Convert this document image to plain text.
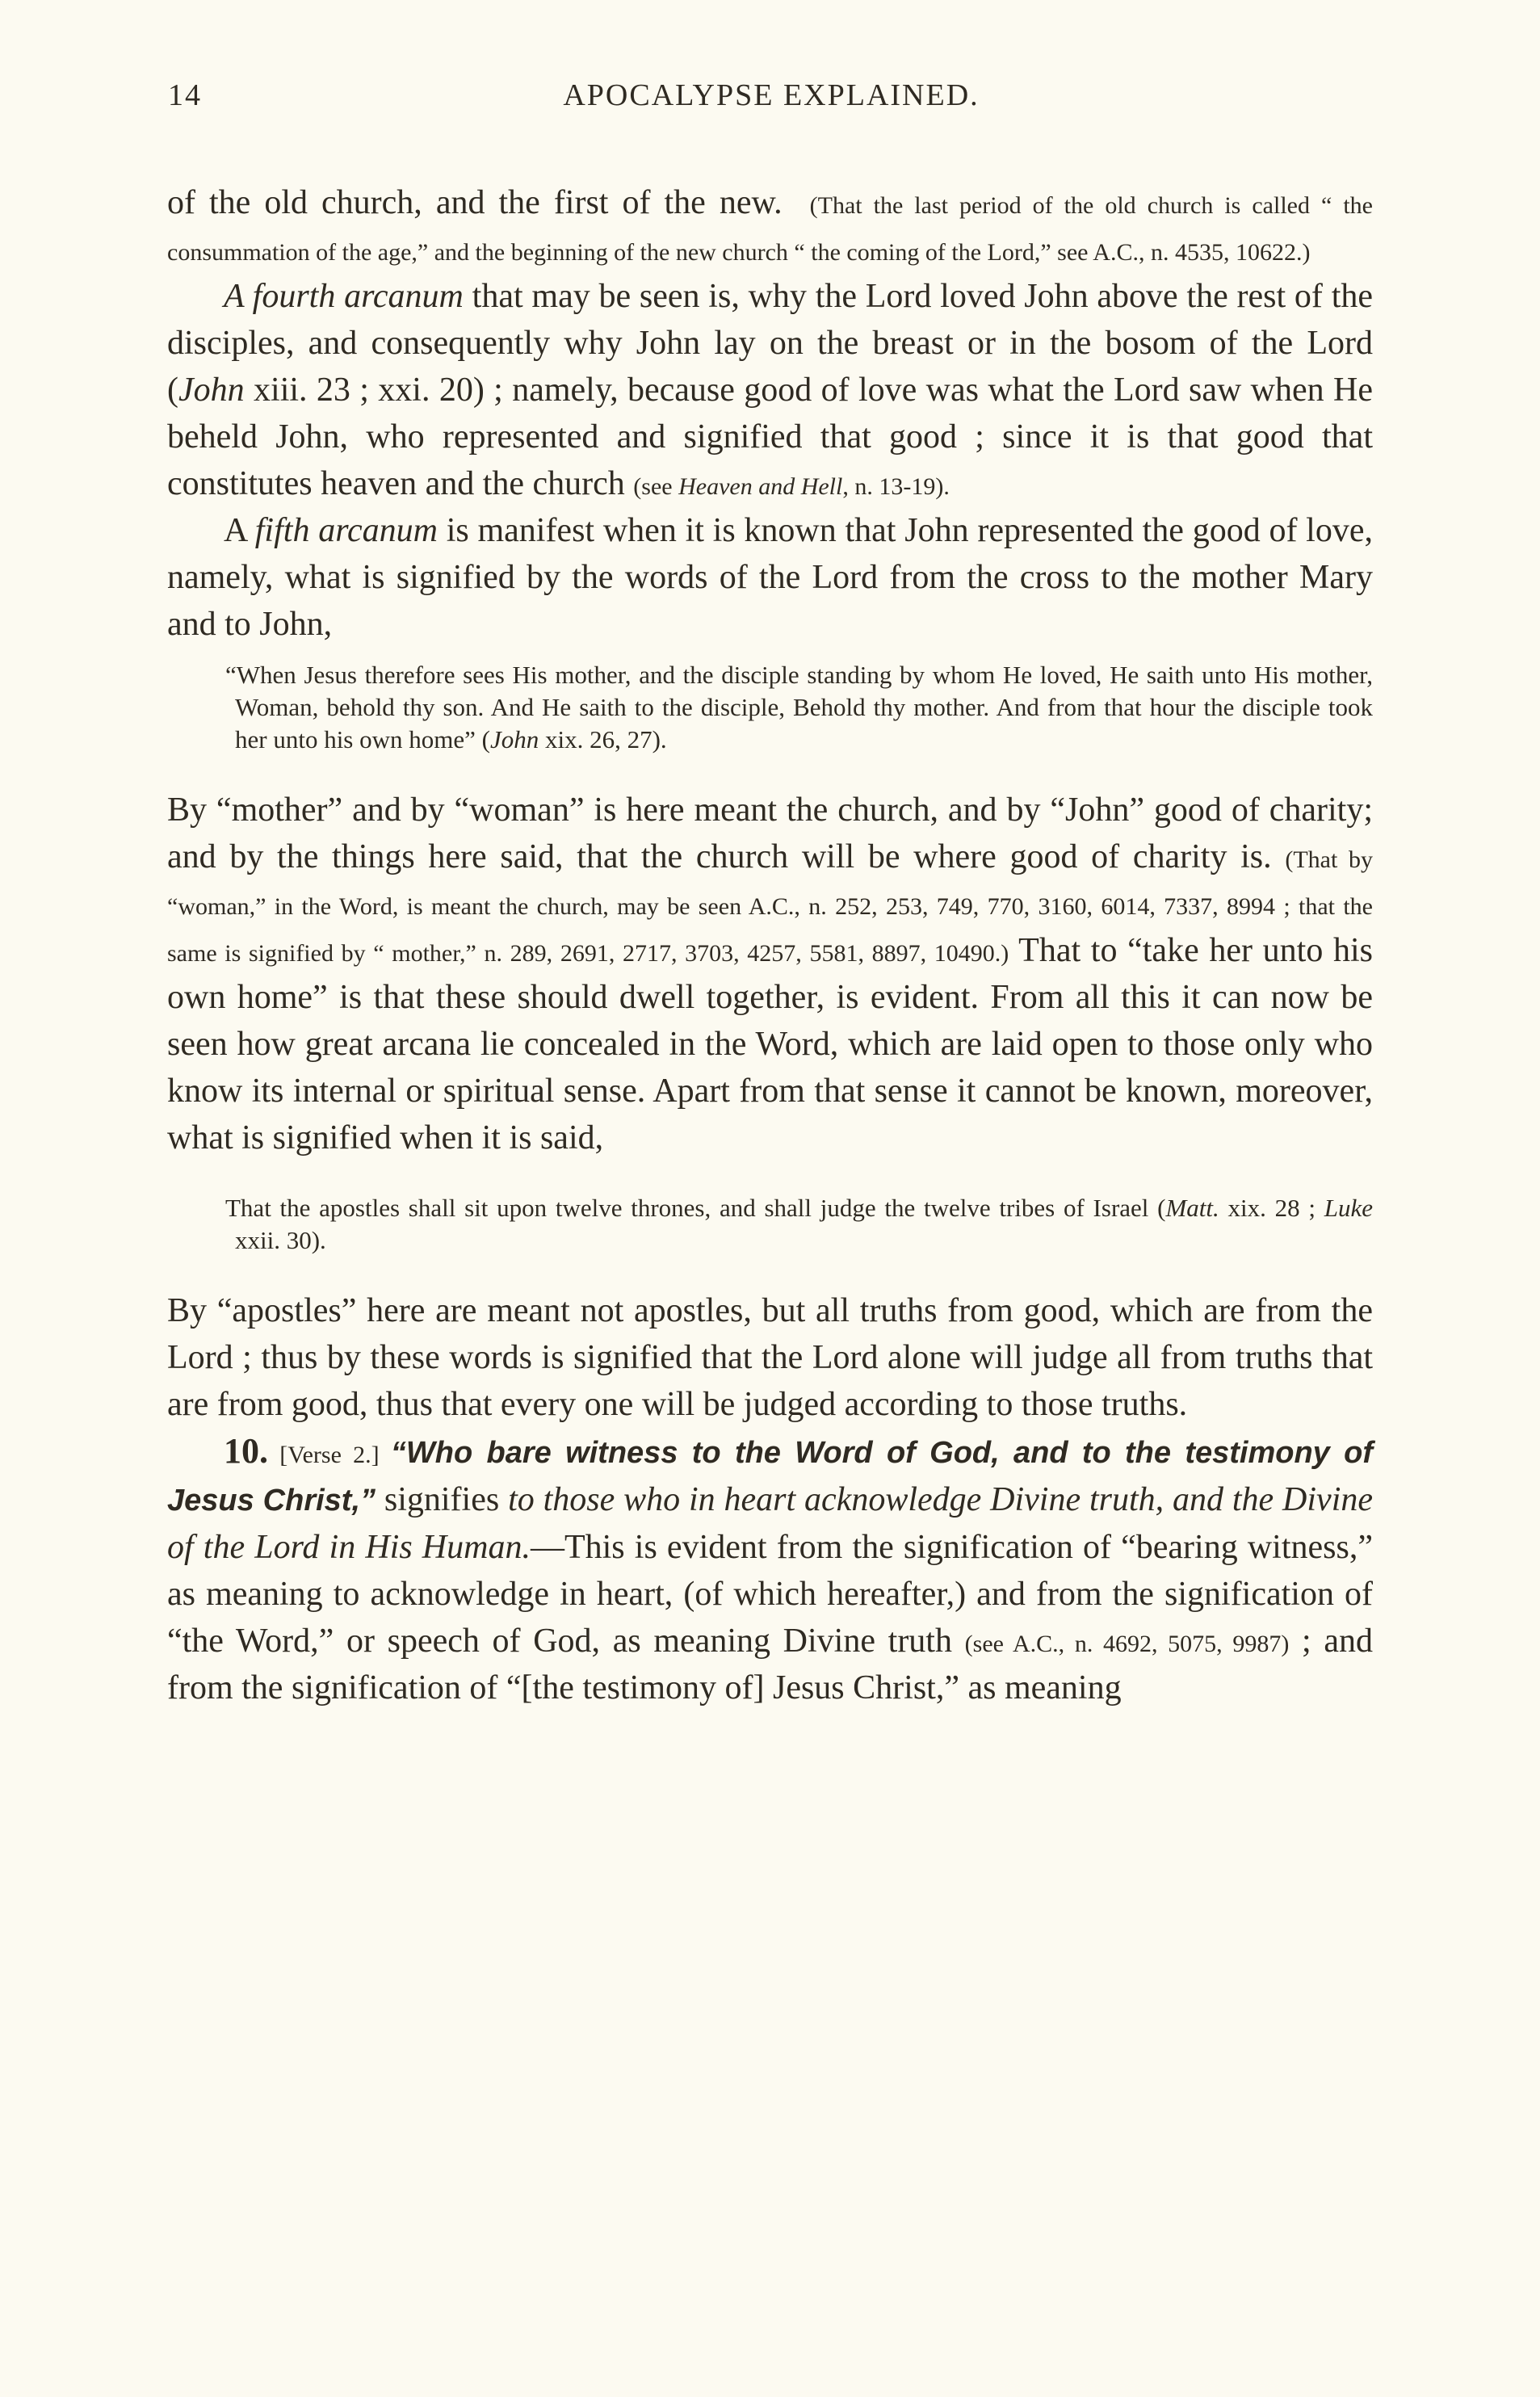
14	APOCALYPSE EXPLAINED.

of the old church, and the first of the new. (That the last period of the old church is called “ the consummation of the age,” and the beginning of the new church “ the coming of the Lord,” see A.C., n. 4535, 10622.)

A fourth arcanum that may be seen is, why the Lord loved John above the rest of the disciples, and consequently why John lay on the breast or in the bosom of the Lord (John xiii. 23 ; xxi. 20) ; namely, because good of love was what the Lord saw when He beheld John, who represented and signified that good ; since it is that good that constitutes heaven and the church (see Heaven and Hell, n. 13-19).

A fifth arcanum is manifest when it is known that John represented the good of love, namely, what is signified by the words of the Lord from the cross to the mother Mary and to John,

“When Jesus therefore sees His mother, and the disciple standing by whom He loved, He saith unto His mother, Woman, behold thy son. And He saith to the disciple, Behold thy mother. And from that hour the disciple took her unto his own home” (John xix. 26, 27).

By “mother” and by “woman” is here meant the church, and by “John” good of charity; and by the things here said, that the church will be where good of charity is. (That by “woman,” in the Word, is meant the church, may be seen A.C., n. 252, 253, 749, 770, 3160, 6014, 7337, 8994 ; that the same is signified by “ mother,” n. 289, 2691, 2717, 3703, 4257, 5581, 8897, 10490.) That to “take her unto his own home” is that these should dwell together, is evident. From all this it can now be seen how great arcana lie concealed in the Word, which are laid open to those only who know its internal or spiritual sense. Apart from that sense it cannot be known, moreover, what is signified when it is said,

That the apostles shall sit upon twelve thrones, and shall judge the twelve tribes of Israel (Matt. xix. 28 ; Luke xxii. 30).

By “apostles” here are meant not apostles, but all truths from good, which are from the Lord ; thus by these words is signified that the Lord alone will judge all from truths that are from good, thus that every one will be judged according to those truths.

10. [Verse 2.] “Who bare witness to the Word of God, and to the testimony of Jesus Christ,” signifies to those who in heart acknowledge Divine truth, and the Divine of the Lord in His Human.—This is evident from the signification of “bearing witness,” as meaning to acknowledge in heart, (of which hereafter,) and from the signification of “the Word,” or speech of God, as meaning Divine truth (see A.C., n. 4692, 5075, 9987) ; and from the signification of “[the testimony of] Jesus Christ,” as meaning
